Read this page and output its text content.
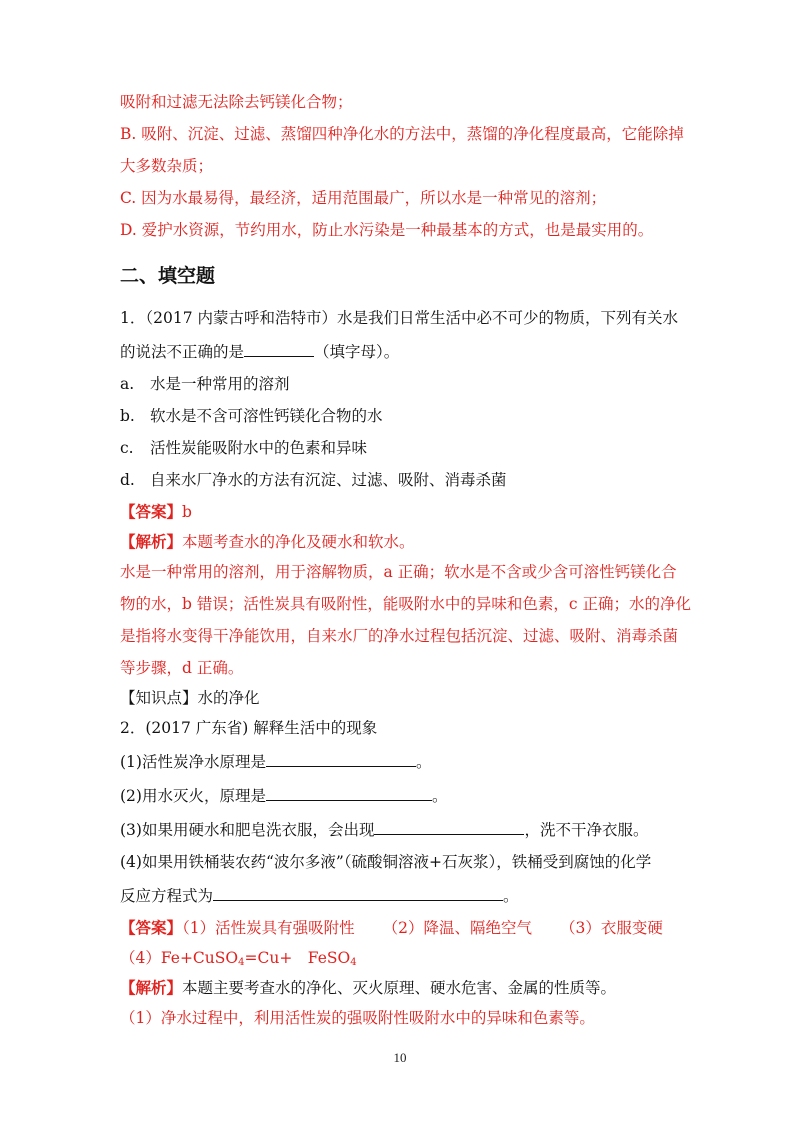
吸附和过滤无法除去钙镁化合物；
B. 吸附、沉淀、过滤、蒸馏四种净化水的方法中，蒸馏的净化程度最高，它能除掉
大多数杂质；
C. 因为水最易得，最经济，适用范围最广，所以水是一种常见的溶剂；
D. 爱护水资源，节约用水，防止水污染是一种最基本的方式，也是最实用的。
二、填空题
1．（2017 内蒙古呼和浩特市）水是我们日常生活中必不可少的物质，下列有关水
的说法不正确的是	（填字母）。
a. 水是一种常用的溶剂
b. 软水是不含可溶性钙镁化合物的水
c. 活性炭能吸附水中的色素和异味
d. 自来水厂净水的方法有沉淀、过滤、吸附、消毒杀菌
【答案】b
【解析】本题考查水的净化及硬水和软水。
水是一种常用的溶剂，用于溶解物质，a 正确；软水是不含或少含可溶性钙镁化合
物的水，b 错误；活性炭具有吸附性，能吸附水中的异味和色素，c 正确；水的净化
是指将水变得干净能饮用，自来水厂的净水过程包括沉淀、过滤、吸附、消毒杀菌
等步骤，d 正确。
【知识点】水的净化
2．(2017 广东省) 解释生活中的现象
(1)活性炭净水原理是	。
(2)用水灭火，原理是	。
(3)如果用硬水和肥皂洗衣服，会出现	，洗不干净衣服。
(4)如果用铁桶装农药“波尔多液”（硫酸铜溶液+石灰浆），铁桶受到腐蚀的化学
反应方程式为	。
【答案】（1）活性炭具有强吸附性 （2）降温、隔绝空气 （3）衣服变硬
（4）Fe+CuSO$_4$=Cu+　FeSO$_4$
【解析】本题主要考查水的净化、灭火原理、硬水危害、金属的性质等。
（1）净水过程中，利用活性炭的强吸附性吸附水中的异味和色素等。
10
